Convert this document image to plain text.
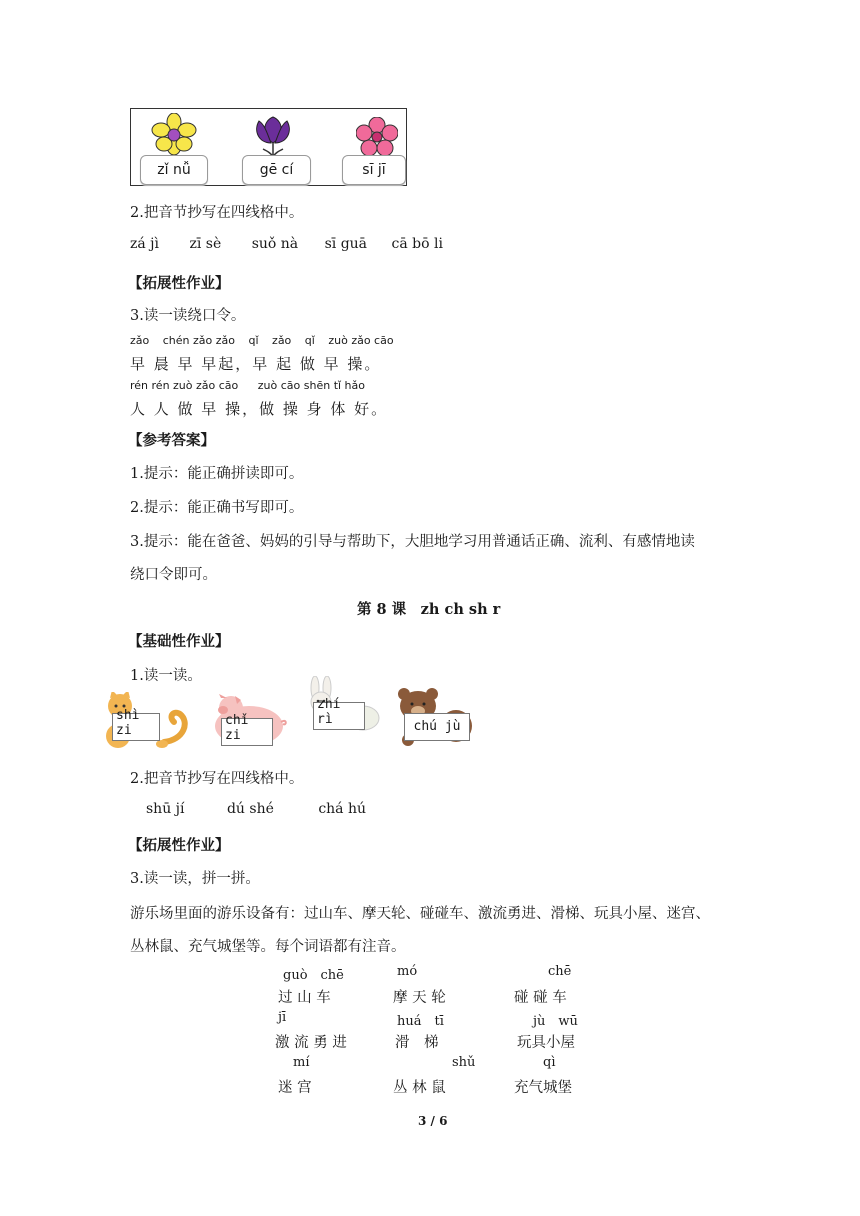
zǐ nǚ	gē cí	sī jī
2.把音节抄写在四线格中。
zá jì zī sè suǒ nà sī guā cā bō li
【拓展性作业】
3.读一读绕口令。
zǎo chén zǎo zǎo qǐ zǎo qǐ zuò zǎo cāo
早 晨 早 早起，早 起 做 早 操。
rén rén zuò zǎo cāo zuò cāo shēn tǐ hǎo
人 人 做 早 操，做 操 身 体 好。
【参考答案】
1.提示：能正确拼读即可。
2.提示：能正确书写即可。
3.提示：能在爸爸、妈妈的引导与帮助下，大胆地学习用普通话正确、流利、有感情地读
绕口令即可。
第 8 课　zh ch sh r
【基础性作业】
1.读一读。
shì zi
chǐ zi
zhí rì	chú jù
2.把音节抄写在四线格中。
shū jí	dú shé	chá hú
【拓展性作业】
3.读一读，拼一拼。
游乐场里面的游乐设备有：过山车、摩天轮、碰碰车、激流勇进、滑梯、玩具小屋、迷宫、
丛林鼠、充气城堡等。每个词语都有注音。
guò　chē	mó	chē
过 山 车	摩 天 轮	碰 碰 车
jī	huá　tī	jù　wū
激 流 勇 进	滑　梯	玩具小屋
mí	shǔ	qì
迷 宫	丛 林 鼠	充气城堡
3 / 6
